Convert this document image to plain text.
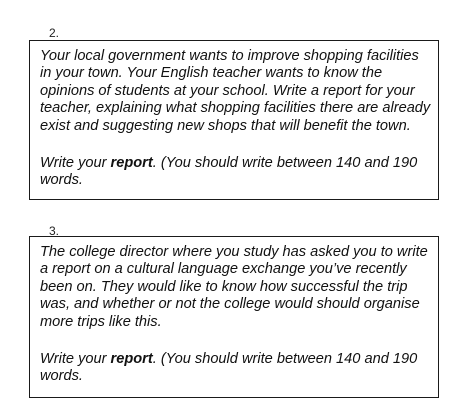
2.

Your local government wants to improve shopping facilities in your town. Your English teacher wants to know the opinions of students at your school. Write a report for your teacher, explaining what shopping facilities there are already exist and suggesting new shops that will benefit the town.

Write your report. (You should write between 140 and 190 words.

3.

The college director where you study has asked you to write a report on a cultural language exchange you’ve recently been on. They would like to know how successful the trip was, and whether or not the college would should organise more trips like this.

Write your report. (You should write between 140 and 190 words.
